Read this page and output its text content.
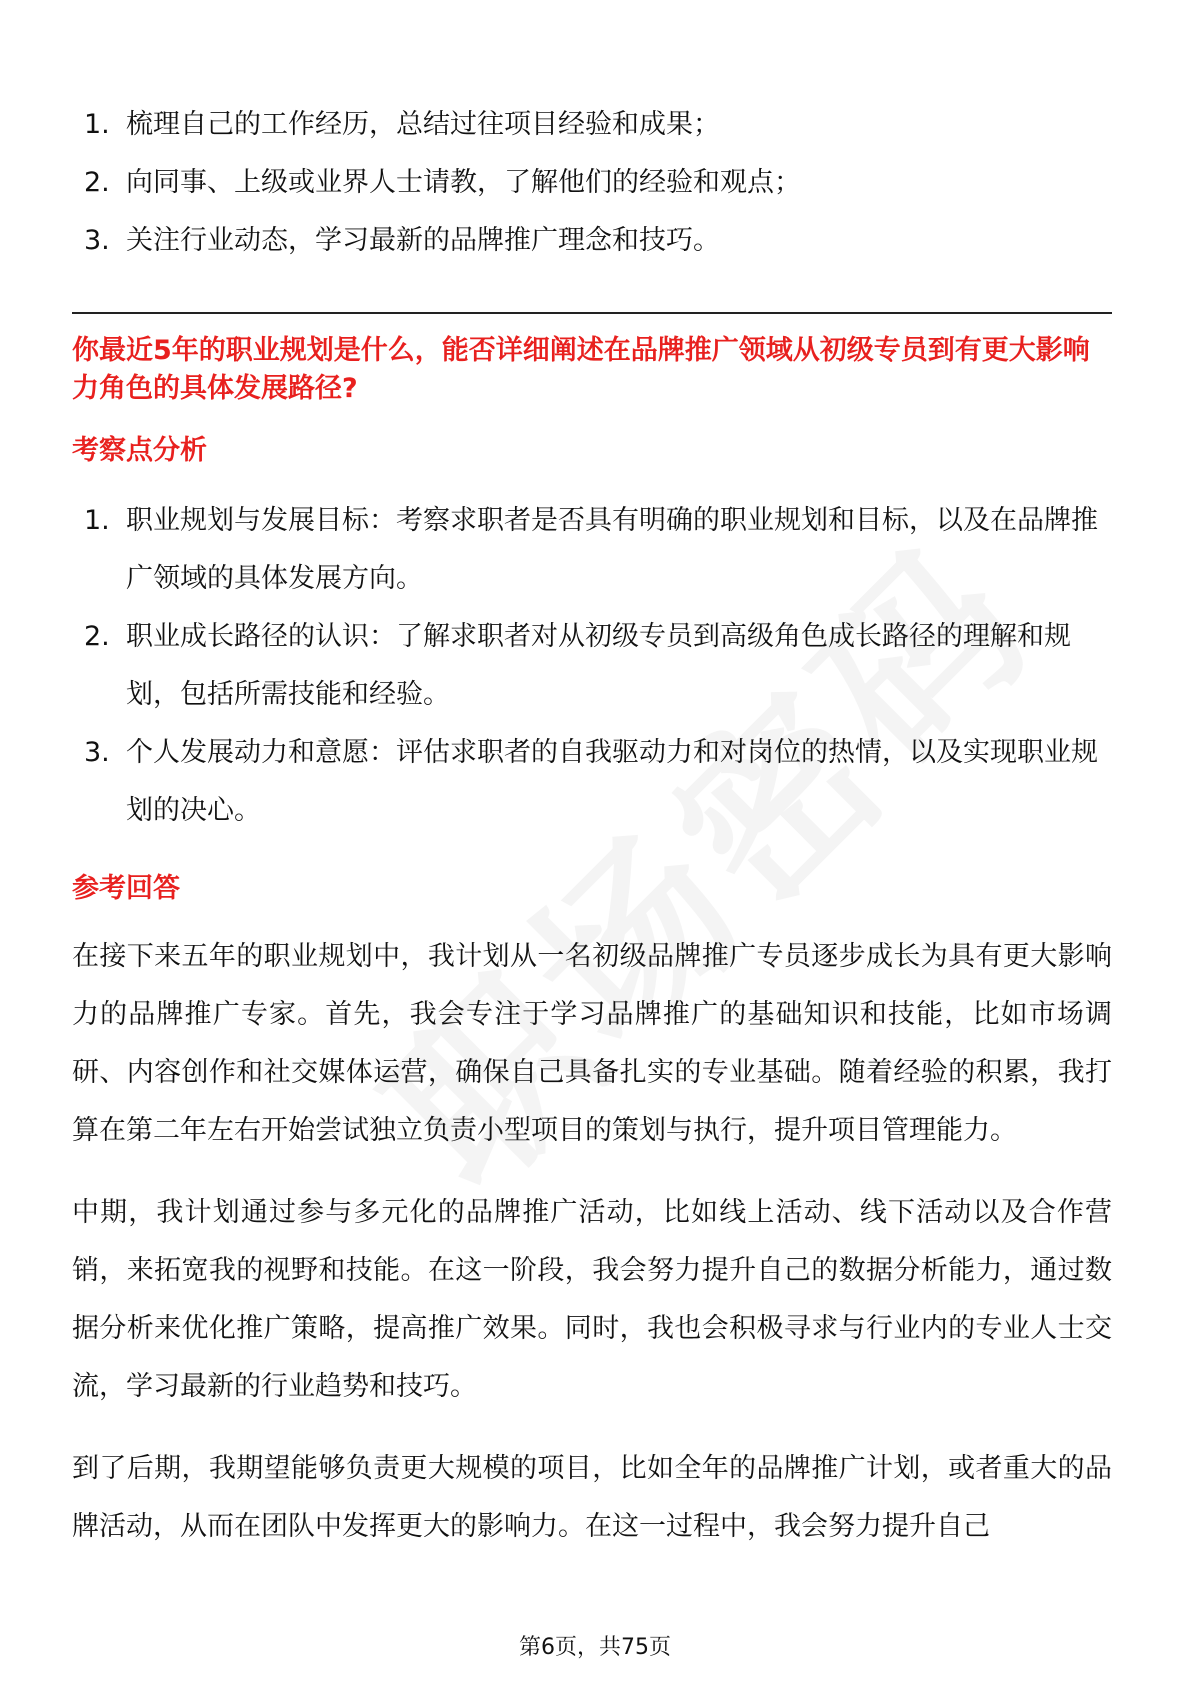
1. 梳理自己的工作经历，总结过往项目经验和成果；
2. 向同事、上级或业界人士请教，了解他们的经验和观点；
3. 关注行业动态，学习最新的品牌推广理念和技巧。

你最近5年的职业规划是什么，能否详细阐述在品牌推广领域从初级专员到有更大影响力角色的具体发展路径?

考察点分析
1. 职业规划与发展目标：考察求职者是否具有明确的职业规划和目标，以及在品牌推广领域的具体发展方向。
2. 职业成长路径的认识：了解求职者对从初级专员到高级角色成长路径的理解和规划，包括所需技能和经验。
3. 个人发展动力和意愿：评估求职者的自我驱动力和对岗位的热情，以及实现职业规划的决心。
参考回答

在接下来五年的职业规划中，我计划从一名初级品牌推广专员逐步成长为具有更大影响力的品牌推广专家。首先，我会专注于学习品牌推广的基础知识和技能，比如市场调研、内容创作和社交媒体运营，确保自己具备扎实的专业基础。随着经验的积累，我打算在第二年左右开始尝试独立负责小型项目的策划与执行，提升项目管理能力。

中期，我计划通过参与多元化的品牌推广活动，比如线上活动、线下活动以及合作营销，来拓宽我的视野和技能。在这一阶段，我会努力提升自己的数据分析能力，通过数据分析来优化推广策略，提高推广效果。同时，我也会积极寻求与行业内的专业人士交流，学习最新的行业趋势和技巧。

到了后期，我期望能够负责更大规模的项目，比如全年的品牌推广计划，或者重大的品牌活动，从而在团队中发挥更大的影响力。在这一过程中，我会努力提升自己

第6页，共75页
